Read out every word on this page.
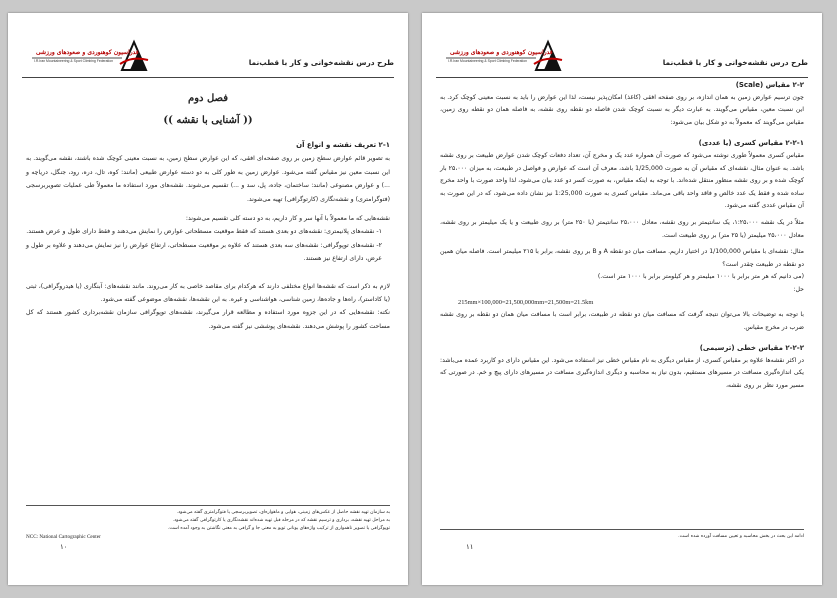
فدراسیون کوهنوردی و صعودهای ورزشی
I.R.Iran Mountaineering & Sport Climbing Federation	طرح درس نقشه‌خوانی و کار با قطب‌نما

فصل دوم

(( آشنایی با نقشه ))

۲-۱ تعریف نقشه و انواع آن

به تصویر قائم عوارض سطح زمین بر روی صفحه‌ای افقی، که این عوارض سطح زمین، به نسبت معینی کوچک شده باشند، نقشه می‌گویند. به این نسبت معین نیز مقیاس گفته می‌شود. عوارض زمین به طور کلی به دو دسته عوارض طبیعی (مانند: کوه، تال، دره، رود، جنگل، دریاچه و ...) و عوارض مصنوعی (مانند: ساختمان، جاده، پل، سد و ...) تقسیم می‌شوند. نقشه‌های مورد استفاده ما معمولاً طی عملیات تصویربرسجی (فتوگرامتری) و نقشه‌نگاری (کارتوگرافی) تهیه می‌شوند.

نقشه‌هایی که ما معمولاً با آنها سر و کار داریم، به دو دسته کلی تقسیم می‌شوند:

۱- نقشه‌های پلانیمتری: نقشه‌های دو بعدی هستند که فقط موقعیت مسطحاتی عوارض را نمایش می‌دهند و فقط دارای طول و عرض هستند.

۲- نقشه‌های توپوگرافی: نقشه‌های سه بعدی هستند که علاوه بر موقعیت مسطحاتی، ارتفاع عوارض را نیز نمایش می‌دهند و علاوه بر طول و عرض، دارای ارتفاع نیز هستند.

لازم به ذکر است که نقشه‌ها انواع مختلفی دارند که هرکدام برای مقاصد خاصی به کار می‌روند. مانند نقشه‌های: آبنگاری (یا هیدروگرافی)، ثبتی (یا کاداستر)، راه‌ها و جاده‌ها، زمین شناسی، هواشناسی و غیره. به این نقشه‌ها، نقشه‌های موضوعی گفته می‌شود.

نکته: نقشه‌هایی که در این جزوه مورد استفاده و مطالعه قرار می‌گیرند، نقشه‌های توپوگرافی سازمان نقشه‌برداری کشور هستند که کل مساحت کشور را پوشش می‌دهند. نقشه‌های پوششی نیز گفته می‌شود.

به سازمان تهیه نقشه حاصل از عکس‌های زمینی، هوایی و ماهواره‌ای، تصویربرسجی یا فتوگرامتری گفته می‌شود.
به مراحل تهیه نقشه، برداری و ترسیم نقشه که در مرحله قبل تهیه شده‌اند نقشه‌نگاری یا کارتوگرافی گفته می‌شود.
توپوگرافی یا تصویر ناهمواری از ترکیب واژه‌های یونانی توپو به معنی جا و گرافی به معنی نگاشتن به وجود آمده است.
NCC: National Cartographic Center
۱۰
فدراسیون کوهنوردی و صعودهای ورزشی
I.R.Iran Mountaineering & Sport Climbing Federation	طرح درس نقشه‌خوانی و کار با قطب‌نما

۲-۲ مقیاس (Scale)

چون ترسیم عوارض زمین به همان اندازه، بر روی صفحه افقی (کاغذ) امکان‌پذیر نیست، لذا این عوارض را باید به نسبت معینی کوچک کرد. به این نسبت معین، مقیاس می‌گویند. به عبارت دیگر به نسبت کوچک شدن فاصله دو نقطه روی نقشه، به فاصله همان دو نقطه روی زمین، مقیاس می‌گویند که معمولاً به دو شکل بیان می‌شود:

۲-۲-۱ مقیاس کسری (یا عددی)

مقیاس کسری معمولاً طوری نوشته می‌شود که صورت آن همواره عدد یک و مخرج آن، تعداد دفعات کوچک شدن عوارض طبیعت بر روی نقشه باشد. به عنوان مثال، نقشه‌ای که مقیاس آن به صورت 1/25,000 باشد، معرف آن است که عوارض و فواصل در طبیعت، به میزان ۲۵،۰۰۰ بار کوچک شده و بر روی نقشه منظور منتقل شده‌اند. با توجه به اینکه مقیاس، به صورت کسر دو عدد بیان می‌شود، لذا واحد صورت با واحد مخرج ساده شده و فقط یک عدد خالص و فاقد واحد باقی می‌ماند. مقیاس کسری به صورت 1:25,000 نیز نشان داده می‌شود، که در این صورت به آن مقیاس عددی گفته می‌شود.

مثلاً در یک نقشه ۱:۲۵،۰۰۰، یک سانتیمتر بر روی نقشه، معادل ۲۵،۰۰۰ سانتیمتر (یا ۲۵۰ متر) بر روی طبیعت و یا یک میلیمتر بر روی نقشه، معادل ۲۵،۰۰۰ میلیمتر (یا ۲۵ متر) بر روی طبیعت است.

مثال: نقشه‌ای با مقیاس 1/100,000 در اختیار داریم. مسافت میان دو نقطه A و B بر روی نقشه، برابر با ۲۱۵ میلیمتر است. فاصله میان همین دو نقطه در طبیعت چقدر است؟

(می دانیم که هر متر برابر با ۱۰۰۰ میلیمتر و هر کیلومتر برابر با ۱۰۰۰ متر است.)

حل:

215mm×100,000=21,500,000mm=21,500m=21.5km

با توجه به توضیحات بالا می‌توان نتیجه گرفت که مسافت میان دو نقطه در طبیعت، برابر است با مسافت میان همان دو نقطه بر روی نقشه ضرب در مخرج مقیاس.

۲-۲-۲ مقیاس خطی (ترسیمی)

در اکثر نقشه‌ها علاوه بر مقیاس کسری، از مقیاس دیگری به نام مقیاس خطی نیز استفاده می‌شود. این مقیاس دارای دو کاربرد عمده می‌باشد: یکی اندازه‌گیری مسافت در مسیرهای مستقیم، بدون نیاز به محاسبه و دیگری اندازه‌گیری مسافت در مسیرهای دارای پیچ و خم. در صورتی که مسیر مورد نظر بر روی نقشه،

ادامه این بحث در بخش محاسبه و تعیین مسافت آورده شده است.
۱۱
